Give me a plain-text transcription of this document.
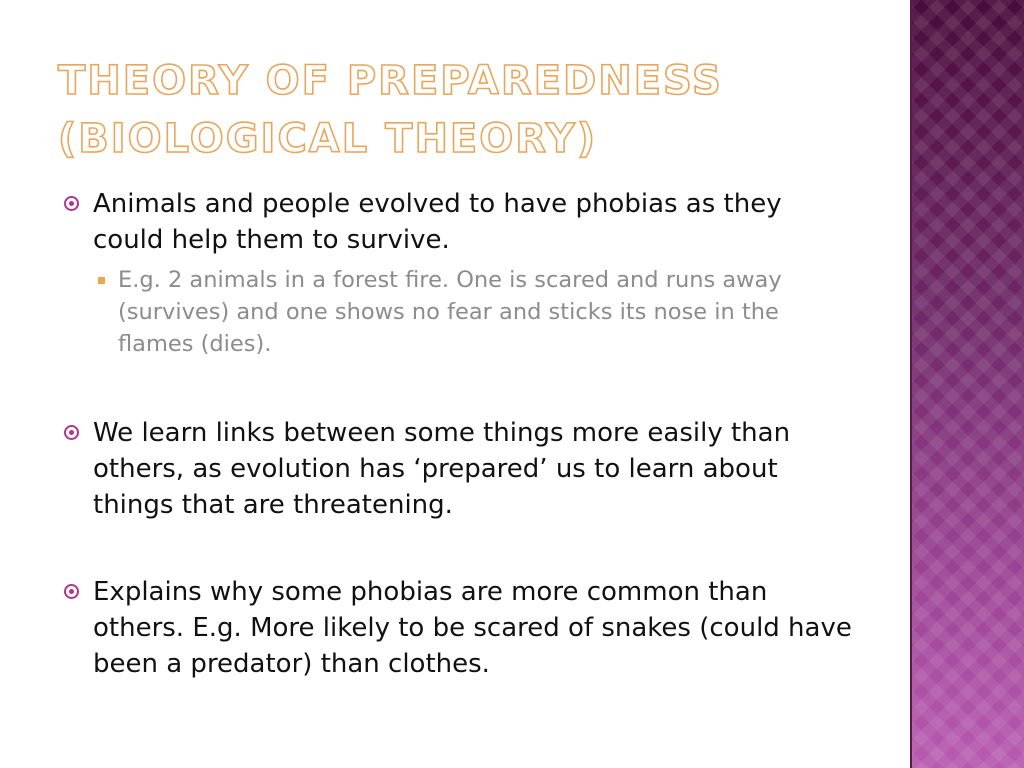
THEORY OF PREPAREDNESS
(BIOLOGICAL THEORY)
Animals and people evolved to have phobias as they could help them to survive.
E.g. 2 animals in a forest fire. One is scared and runs away (survives) and one shows no fear and sticks its nose in the flames (dies).
We learn links between some things more easily than others, as evolution has ‘prepared’ us to learn about things that are threatening.
Explains why some phobias are more common than others. E.g. More likely to be scared of snakes (could have been a predator) than clothes.
